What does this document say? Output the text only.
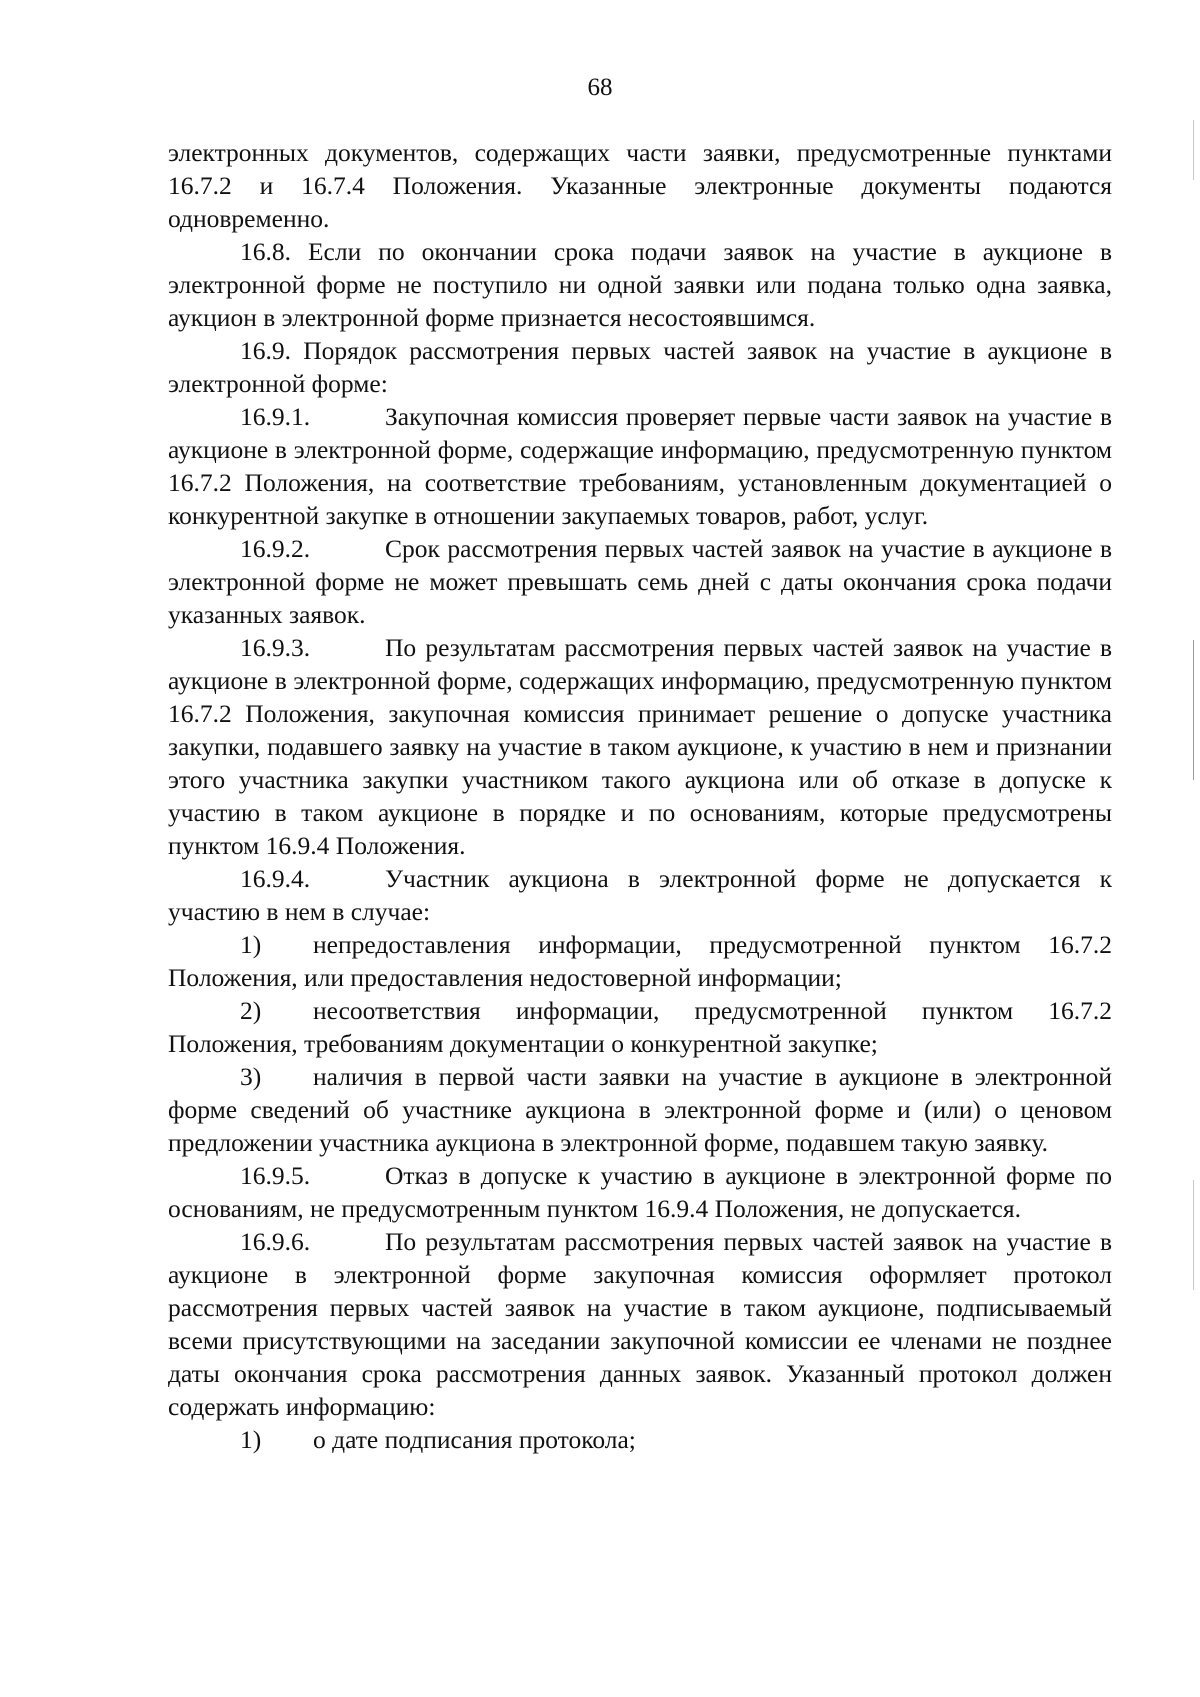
68

электронных документов, содержащих части заявки, предусмотренные пунктами 16.7.2 и 16.7.4 Положения. Указанные электронные документы подаются одновременно.

16.8. Если по окончании срока подачи заявок на участие в аукционе в электронной форме не поступило ни одной заявки или подана только одна заявка, аукцион в электронной форме признается несостоявшимся.

16.9. Порядок рассмотрения первых частей заявок на участие в аукционе в электронной форме:

16.9.1.	Закупочная комиссия проверяет первые части заявок на участие в аукционе в электронной форме, содержащие информацию, предусмотренную пунктом 16.7.2 Положения, на соответствие требованиям, установленным документацией о конкурентной закупке в отношении закупаемых товаров, работ, услуг.

16.9.2.	Срок рассмотрения первых частей заявок на участие в аукционе в электронной форме не может превышать семь дней с даты окончания срока подачи указанных заявок.

16.9.3.	По результатам рассмотрения первых частей заявок на участие в аукционе в электронной форме, содержащих информацию, предусмотренную пунктом 16.7.2 Положения, закупочная комиссия принимает решение о допуске участника закупки, подавшего заявку на участие в таком аукционе, к участию в нем и признании этого участника закупки участником такого аукциона или об отказе в допуске к участию в таком аукционе в порядке и по основаниям, которые предусмотрены пунктом 16.9.4 Положения.

16.9.4.	Участник аукциона в электронной форме не допускается к участию в нем в случае:

1) непредоставления информации, предусмотренной пунктом 16.7.2 Положения, или предоставления недостоверной информации;

2) несоответствия информации, предусмотренной пунктом 16.7.2 Положения, требованиям документации о конкурентной закупке;

3) наличия в первой части заявки на участие в аукционе в электронной форме сведений об участнике аукциона в электронной форме и (или) о ценовом предложении участника аукциона в электронной форме, подавшем такую заявку.

16.9.5.	Отказ в допуске к участию в аукционе в электронной форме по основаниям, не предусмотренным пунктом 16.9.4 Положения, не допускается.

16.9.6.	По результатам рассмотрения первых частей заявок на участие в аукционе в электронной форме закупочная комиссия оформляет протокол рассмотрения первых частей заявок на участие в таком аукционе, подписываемый всеми присутствующими на заседании закупочной комиссии ее членами не позднее даты окончания срока рассмотрения данных заявок. Указанный протокол должен содержать информацию:

1) о дате подписания протокола;
